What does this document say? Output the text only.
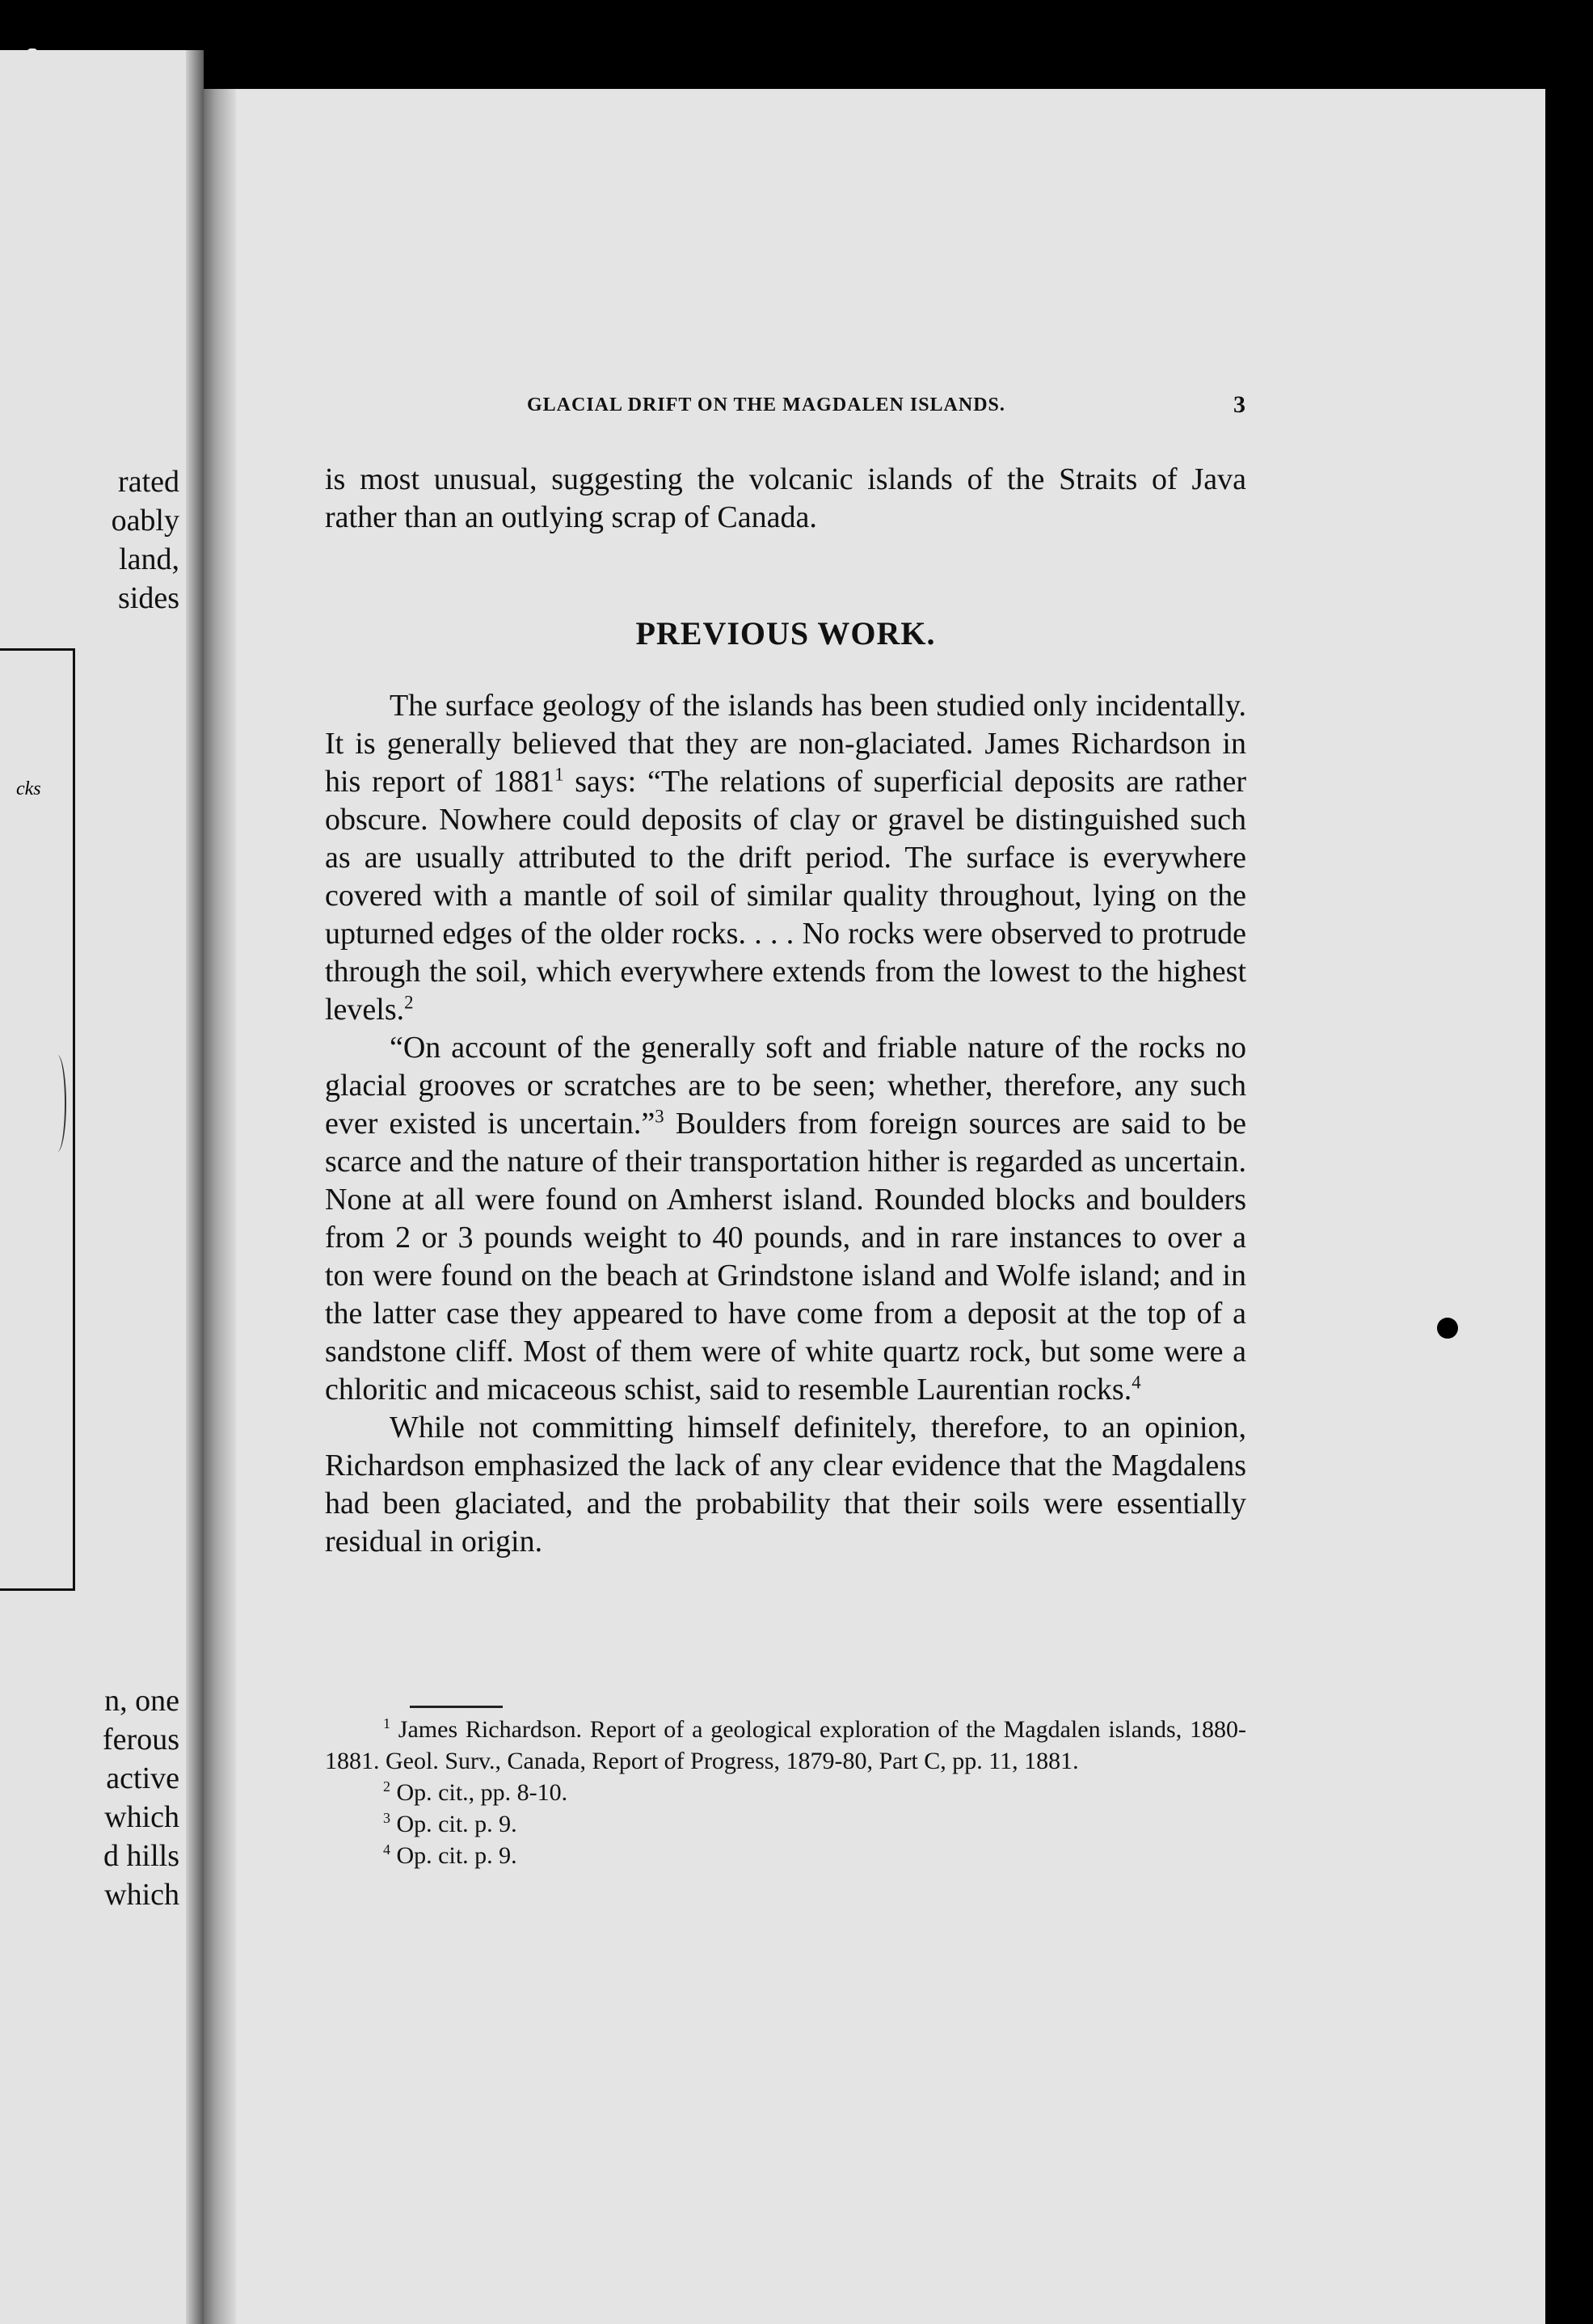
rated
oably
land,
sides
cks
n, one
ferous
active
which
d hills
which
GLACIAL DRIFT ON THE MAGDALEN ISLANDS.	3

is most unusual, suggesting the volcanic islands of the Straits of Java rather than an outlying scrap of Canada.

PREVIOUS WORK.

The surface geology of the islands has been studied only incidentally. It is generally believed that they are non-glaciated. James Richardson in his report of 1881$^1$ says: “The relations of superficial deposits are rather obscure. Nowhere could deposits of clay or gravel be distinguished such as are usually attributed to the drift period. The surface is everywhere covered with a mantle of soil of similar quality throughout, lying on the upturned edges of the older rocks. . . . No rocks were observed to protrude through the soil, which everywhere extends from the lowest to the highest levels.$^2$

“On account of the generally soft and friable nature of the rocks no glacial grooves or scratches are to be seen; whether, therefore, any such ever existed is uncertain.”$^3$ Boulders from foreign sources are said to be scarce and the nature of their transportation hither is regarded as uncertain. None at all were found on Amherst island. Rounded blocks and boulders from 2 or 3 pounds weight to 40 pounds, and in rare instances to over a ton were found on the beach at Grindstone island and Wolfe island; and in the latter case they appeared to have come from a deposit at the top of a sandstone cliff. Most of them were of white quartz rock, but some were a chloritic and micaceous schist, said to resemble Laurentian rocks.$^4$

While not committing himself definitely, therefore, to an opinion, Richardson emphasized the lack of any clear evidence that the Magdalens had been glaciated, and the probability that their soils were essentially residual in origin.

$^1$ James Richardson. Report of a geological exploration of the Magdalen islands, 1880-1881. Geol. Surv., Canada, Report of Progress, 1879-80, Part C, pp. 11, 1881.

$^2$ Op. cit., pp. 8-10.

$^3$ Op. cit. p. 9.

$^4$ Op. cit. p. 9.
